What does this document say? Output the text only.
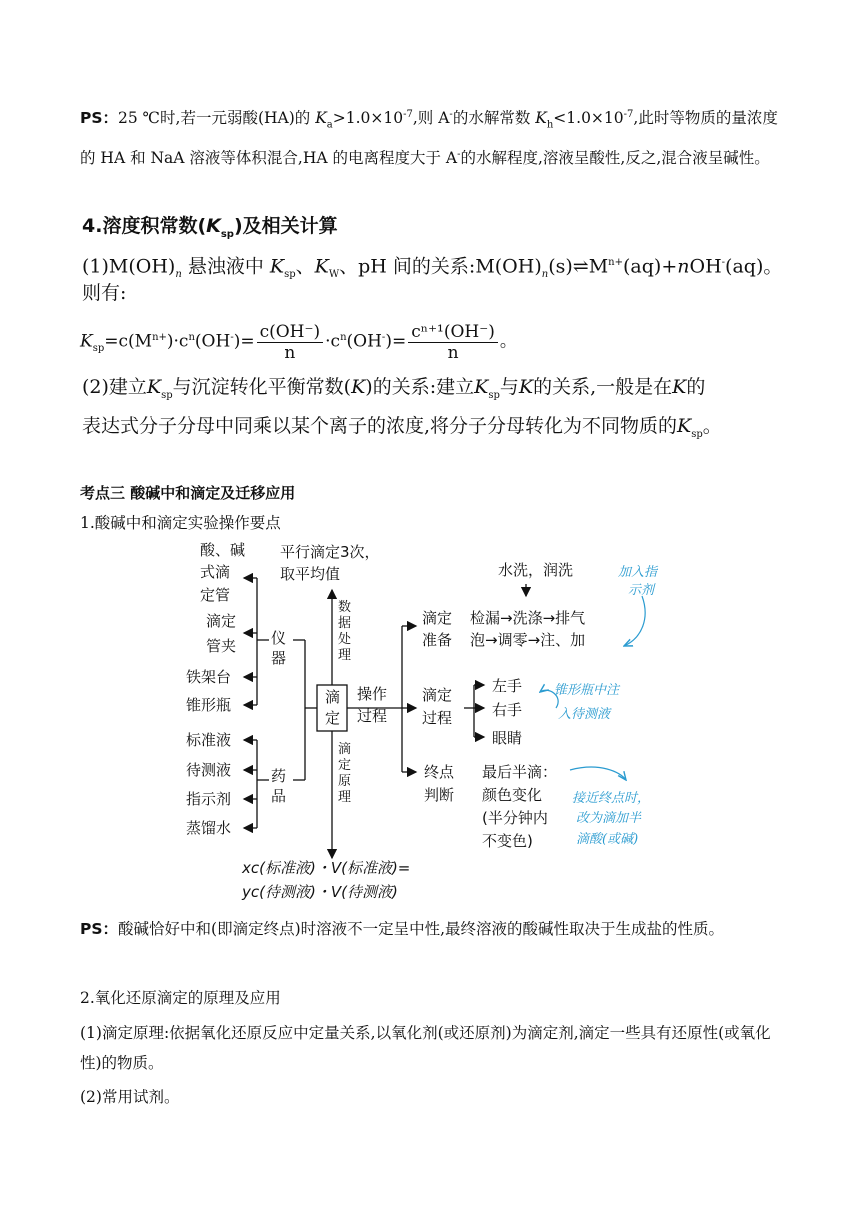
PS：25 ℃时,若一元弱酸(HA)的 $K_a>1.0\times 10^{-7}$,则 A-的水解常数 $K_h<1.0\times 10^{-7}$,此时等物质的量浓度的 HA 和 NaA 溶液等体积混合,HA 的电离程度大于 A-的水解程度,溶液呈酸性,反之,混合液呈碱性。

4.溶度积常数$(K_{sp})$及相关计算

$(1)M(OH)_n$ 悬浊液中 $K_{sp}$、$K_W$、pH 间的关系$:M(OH)_n(s)\rightleftharpoons M^{n+}(aq)+nOH^-(aq)$。

则有:

$K_{sp}=c(M^{n+})\cdot c^n(OH^-)= \frac{c(OH^-)}{n} \cdot c^n(OH^-)= \frac{\text{cⁿ⁺¹(OH⁻)}}{n}$ 。

(2)建立$K_{sp}$与沉淀转化平衡常数(K)的关系:建立$K_{sp}$与K的关系,一般是在K的表达式分子分母中同乘以某个离子的浓度,将分子分母转化为不同物质的$K_{sp}$。

考点三 酸碱中和滴定及迁移应用

1.酸碱中和滴定实验操作要点

酸、碱
式滴
定管
滴定
管夹
铁架台
锥形瓶
仪
器
标准液
待测液
指示剂
蒸馏水
药
品
滴
定
数
据
处
理
平行滴定3次，
取平均值
滴
定
原
理
xc(标准液)・V(标准液)=
yc(待测液)・V(待测液)
操作
过程
滴定
准备
水洗，润洗
检漏→洗涤→排气
泡→调零→注、加
滴定
过程
左手
右手
眼睛
终点
判断
最后半滴：
颜色变化
(半分钟内
不变色)
加入指
示剂
锥形瓶中注
入待测液
接近终点时，
改为滴加半
滴酸(或碱)

PS：酸碱恰好中和(即滴定终点)时溶液不一定呈中性,最终溶液的酸碱性取决于生成盐的性质。

2.氧化还原滴定的原理及应用

(1)滴定原理:依据氧化还原反应中定量关系,以氧化剂(或还原剂)为滴定剂,滴定一些具有还原性(或氧化性)的物质。

(2)常用试剂。
